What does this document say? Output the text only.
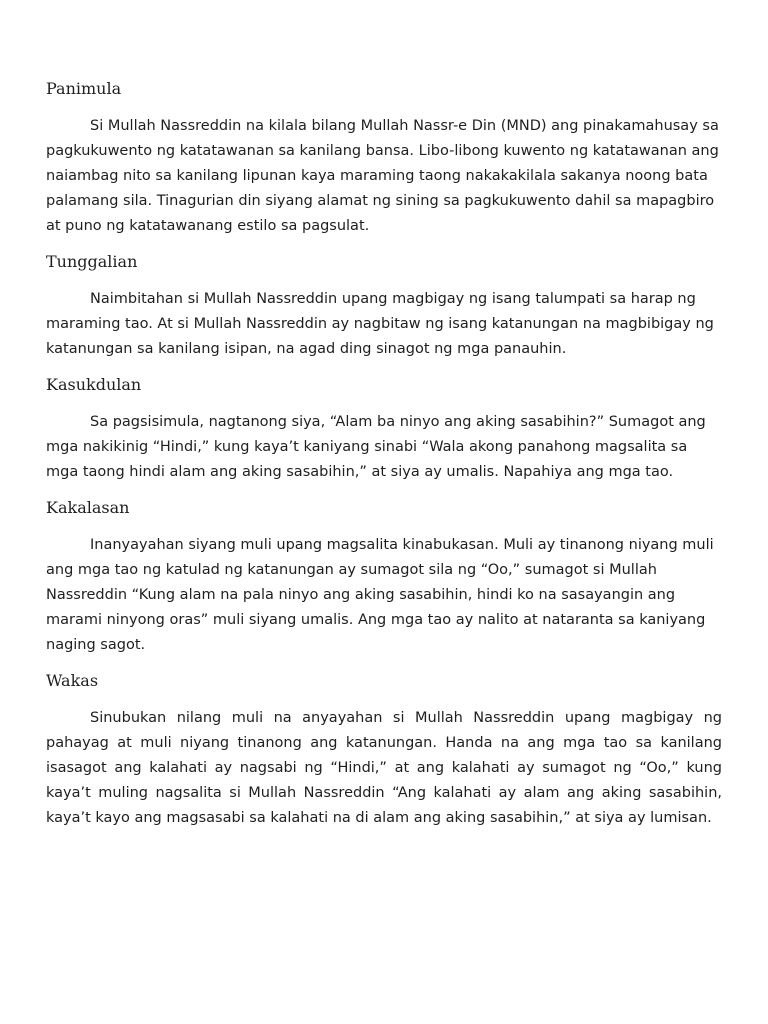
Panimula

Si Mullah Nassreddin na kilala bilang Mullah Nassr-e Din (MND) ang pinakamahusay sa pagkukuwento ng katatawanan sa kanilang bansa. Libo-libong kuwento ng katatawanan ang naiambag nito sa kanilang lipunan kaya maraming taong nakakakilala sakanya noong bata palamang sila. Tinagurian din siyang alamat ng sining sa pagkukuwento dahil sa mapagbiro at puno ng katatawanang estilo sa pagsulat.

Tunggalian

Naimbitahan si Mullah Nassreddin upang magbigay ng isang talumpati sa harap ng maraming tao. At si Mullah Nassreddin ay nagbitaw ng isang katanungan na magbibigay ng katanungan sa kanilang isipan, na agad ding sinagot ng mga panauhin.

Kasukdulan

Sa pagsisimula, nagtanong siya, “Alam ba ninyo ang aking sasabihin?” Sumagot ang mga nakikinig “Hindi,” kung kaya’t kaniyang sinabi “Wala akong panahong magsalita sa mga taong hindi alam ang aking sasabihin,” at siya ay umalis. Napahiya ang mga tao.

Kakalasan

Inanyayahan siyang muli upang magsalita kinabukasan. Muli ay tinanong niyang muli ang mga tao ng katulad ng katanungan ay sumagot sila ng “Oo,” sumagot si Mullah Nassreddin “Kung alam na pala ninyo ang aking sasabihin, hindi ko na sasayangin ang marami ninyong oras” muli siyang umalis. Ang mga tao ay nalito at nataranta sa kaniyang naging sagot.

Wakas

Sinubukan nilang muli na anyayahan si Mullah Nassreddin upang magbigay ng pahayag at muli niyang tinanong ang katanungan. Handa na ang mga tao sa kanilang isasagot ang kalahati ay nagsabi ng “Hindi,” at ang kalahati ay sumagot ng “Oo,” kung kaya’t muling nagsalita si Mullah Nassreddin “Ang kalahati ay alam ang aking sasabihin, kaya’t kayo ang magsasabi sa kalahati na di alam ang aking sasabihin,” at siya ay lumisan.
